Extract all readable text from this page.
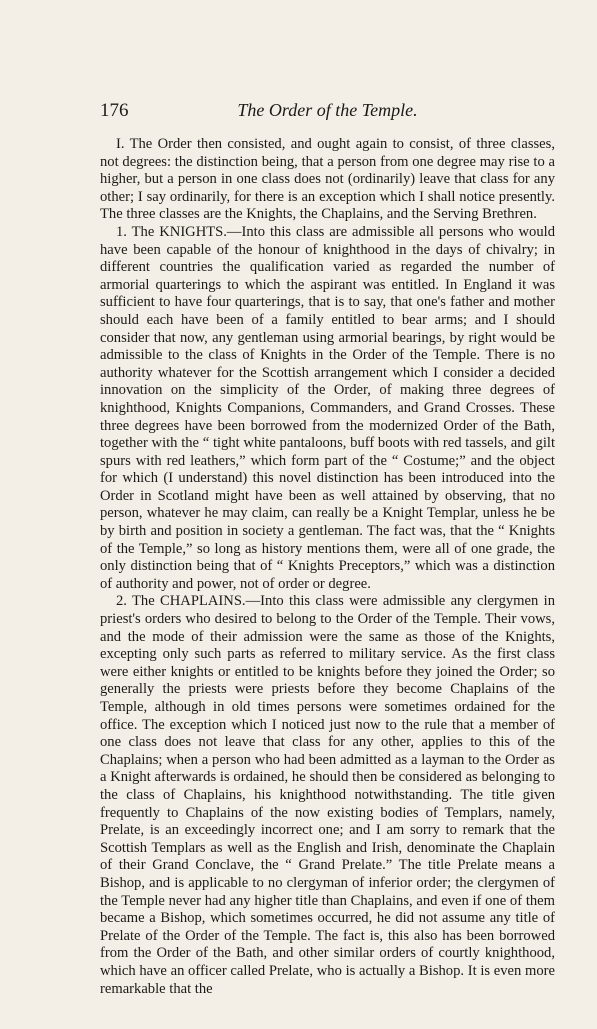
176	The Order of the Temple.

I. The Order then consisted, and ought again to consist, of three classes, not degrees: the distinction being, that a person from one degree may rise to a higher, but a person in one class does not (ordinarily) leave that class for any other; I say ordinarily, for there is an exception which I shall notice presently. The three classes are the Knights, the Chaplains, and the Serving Brethren.

1. The KNIGHTS.—Into this class are admissible all persons who would have been capable of the honour of knighthood in the days of chivalry; in different countries the qualification varied as regarded the number of armorial quarterings to which the aspirant was entitled. In England it was sufficient to have four quarterings, that is to say, that one's father and mother should each have been of a family entitled to bear arms; and I should consider that now, any gentleman using armorial bearings, by right would be admissible to the class of Knights in the Order of the Temple. There is no authority whatever for the Scottish arrangement which I consider a decided innovation on the simplicity of the Order, of making three degrees of knighthood, Knights Companions, Commanders, and Grand Crosses. These three degrees have been borrowed from the modernized Order of the Bath, together with the “ tight white pantaloons, buff boots with red tassels, and gilt spurs with red leathers,” which form part of the “ Costume;” and the object for which (I understand) this novel distinction has been introduced into the Order in Scotland might have been as well attained by observing, that no person, whatever he may claim, can really be a Knight Templar, unless he be by birth and position in society a gentleman. The fact was, that the “ Knights of the Temple,” so long as history mentions them, were all of one grade, the only distinction being that of “ Knights Preceptors,” which was a distinction of authority and power, not of order or degree.

2. The CHAPLAINS.—Into this class were admissible any clergymen in priest's orders who desired to belong to the Order of the Temple. Their vows, and the mode of their admission were the same as those of the Knights, excepting only such parts as referred to military service. As the first class were either knights or entitled to be knights before they joined the Order; so generally the priests were priests before they become Chaplains of the Temple, although in old times persons were sometimes ordained for the office. The exception which I noticed just now to the rule that a member of one class does not leave that class for any other, applies to this of the Chaplains; when a person who had been admitted as a layman to the Order as a Knight afterwards is ordained, he should then be considered as belonging to the class of Chaplains, his knighthood notwithstanding. The title given frequently to Chaplains of the now existing bodies of Templars, namely, Prelate, is an exceedingly incorrect one; and I am sorry to remark that the Scottish Templars as well as the English and Irish, denominate the Chaplain of their Grand Conclave, the “ Grand Prelate.” The title Prelate means a Bishop, and is applicable to no clergyman of inferior order; the clergymen of the Temple never had any higher title than Chaplains, and even if one of them became a Bishop, which sometimes occurred, he did not assume any title of Prelate of the Order of the Temple. The fact is, this also has been borrowed from the Order of the Bath, and other similar orders of courtly knighthood, which have an officer called Prelate, who is actually a Bishop. It is even more remarkable that the
